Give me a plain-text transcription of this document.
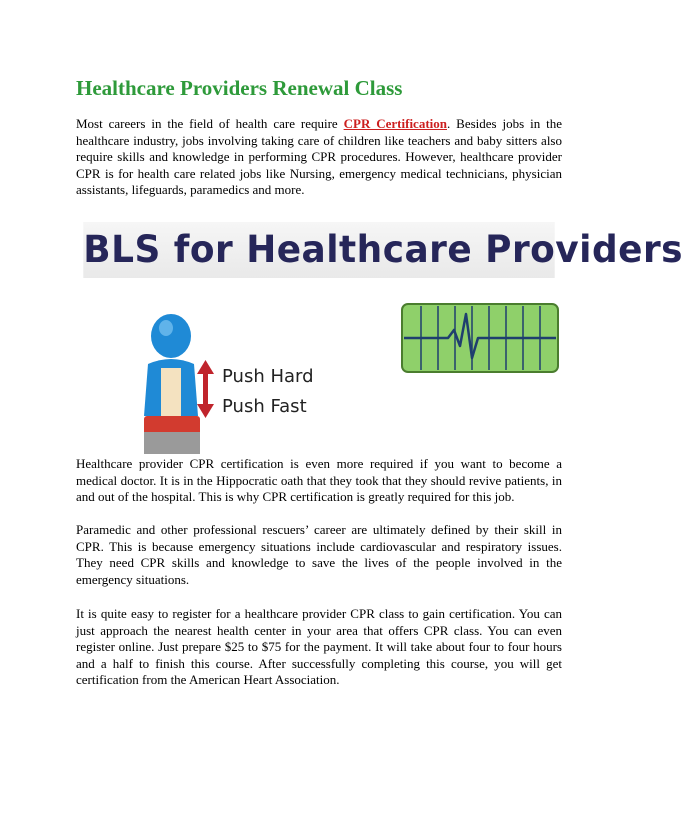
Healthcare Providers Renewal Class

Most careers in the field of health care require CPR Certification. Besides jobs in the healthcare industry, jobs involving taking care of children like teachers and baby sitters also require skills and knowledge in performing CPR procedures. However, healthcare provider CPR is for health care related jobs like Nursing, emergency medical technicians, physician assistants, lifeguards, paramedics and more.

BLS for Healthcare Providers
Push Hard
Push Fast

Healthcare provider CPR certification is even more required if you want to become a medical doctor. It is in the Hippocratic oath that they took that they should revive patients, in and out of the hospital. This is why CPR certification is greatly required for this job.

Paramedic and other professional rescuers’ career are ultimately defined by their skill in CPR. This is because emergency situations include cardiovascular and respiratory issues. They need CPR skills and knowledge to save the lives of the people involved in the emergency situations.

It is quite easy to register for a healthcare provider CPR class to gain certification. You can just approach the nearest health center in your area that offers CPR class. You can even register online. Just prepare $25 to $75 for the payment. It will take about four to four hours and a half to finish this course. After successfully completing this course, you will get certification from the American Heart Association.
